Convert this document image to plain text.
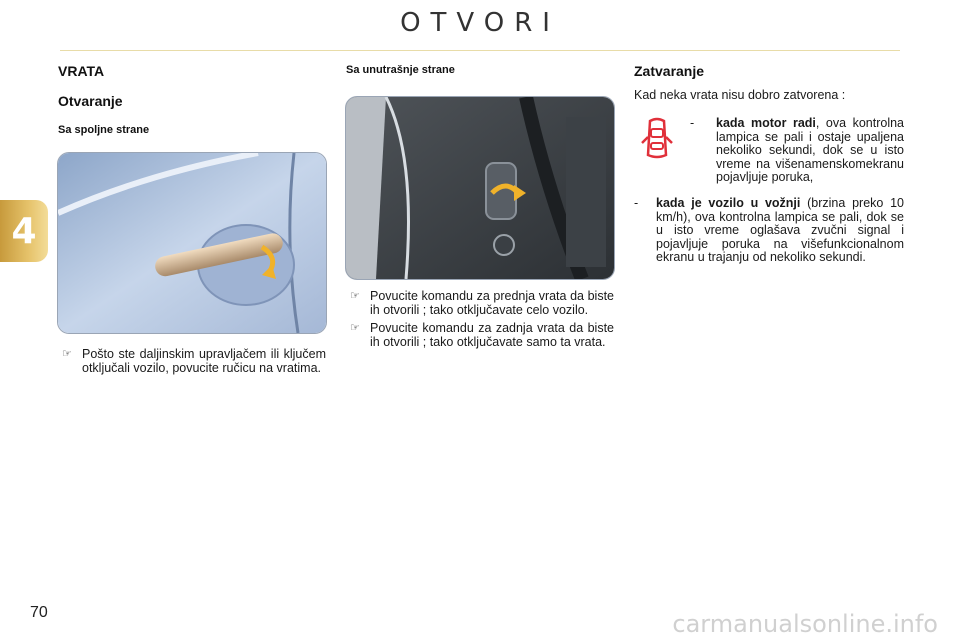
OTVORI
4
VRATA
Otvaranje
Sa spoljne strane
☞ Pošto ste daljinskim upravljačem ili ključem otključali vozilo, povucite ručicu na vratima.
Sa unutrašnje strane
☞ Povucite komandu za prednja vrata da biste ih otvorili ; tako otključavate celo vozilo.
☞ Povucite komandu za zadnja vrata da biste ih otvorili ; tako otključavate samo ta vrata.
Zatvaranje
Kad neka vrata nisu dobro zatvorena :
-	kada motor radi, ova kontrolna lampica se pali i ostaje upaljena nekoliko sekundi, dok se u isto vreme na višenamenskomekranu pojavljuje poruka,
-	kada je vozilo u vožnji (brzina preko 10 km/h), ova kontrolna lampica se pali, dok se u isto vreme oglašava zvučni signal i pojavljuje poruka na višefunkcionalnom ekranu u trajanju od nekoliko sekundi.
70	carmanualsonline.info
